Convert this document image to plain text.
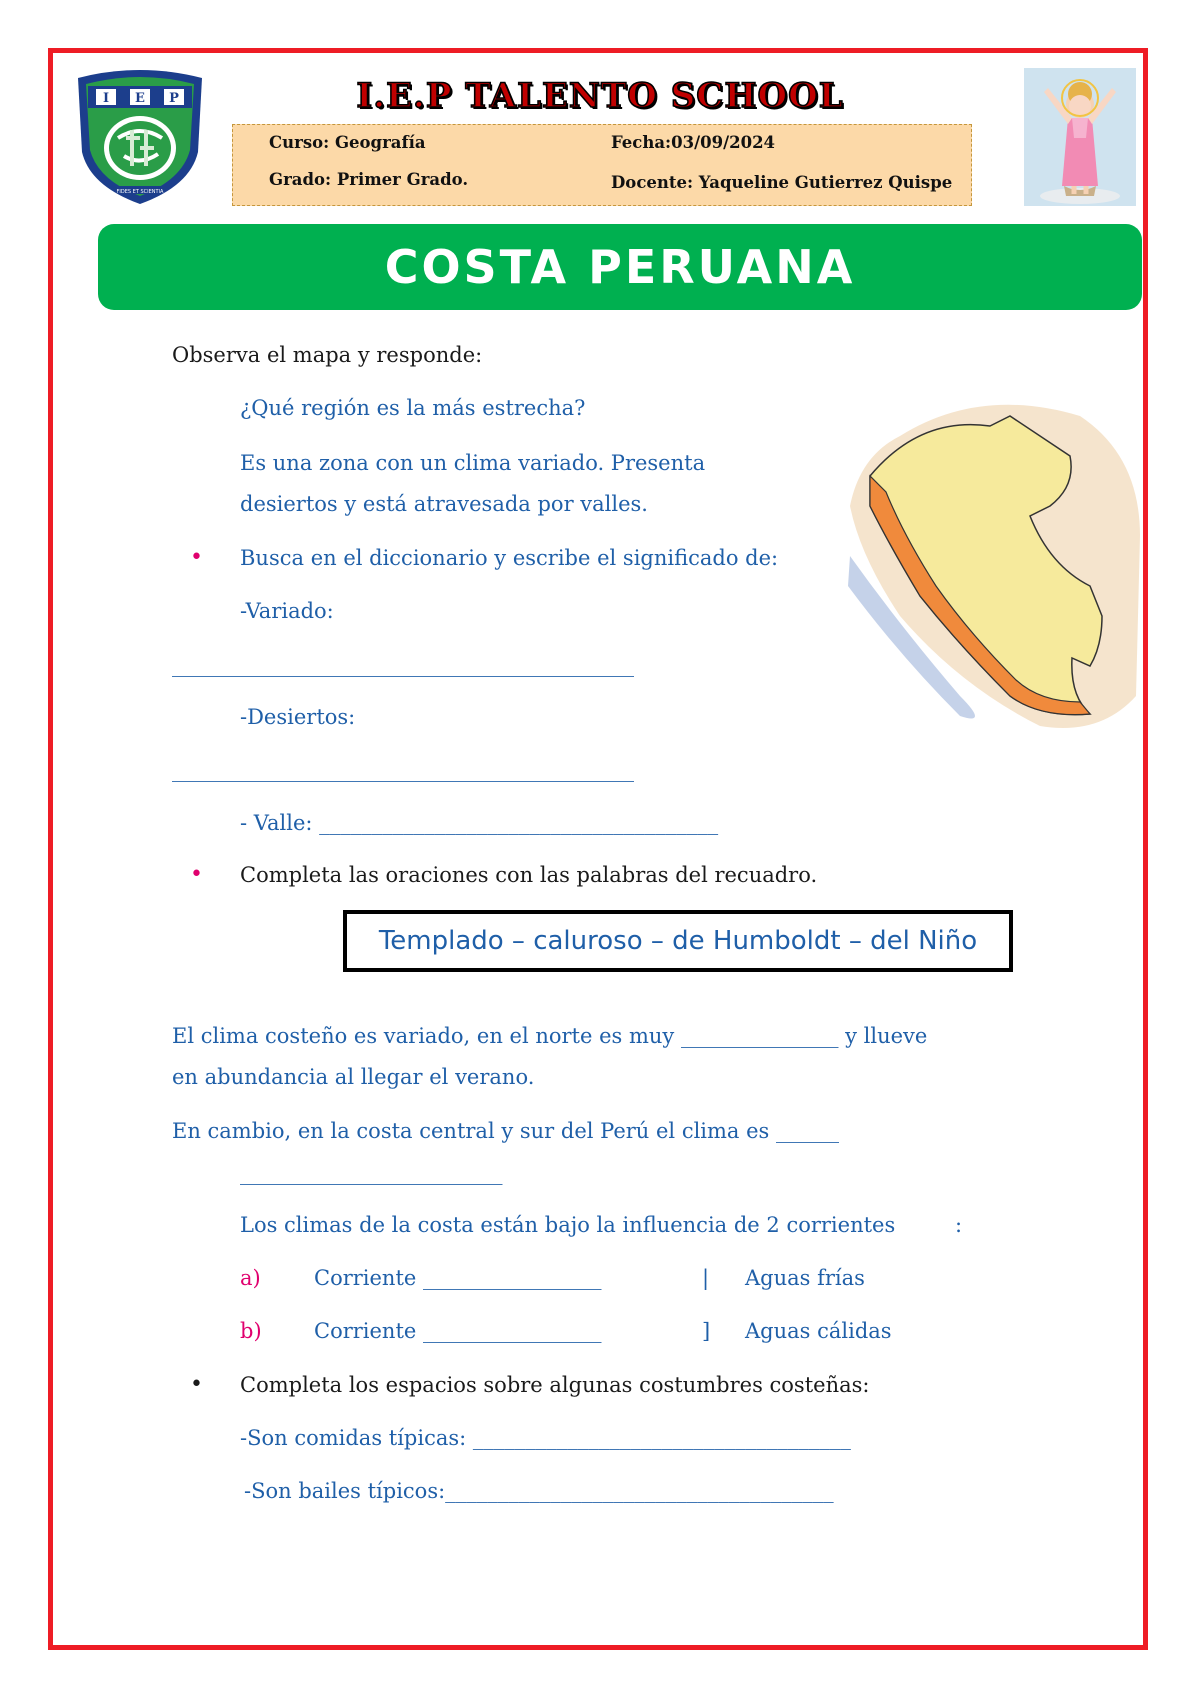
I E P
FIDES ET SCIENTIA
I.E.P TALENTO SCHOOL
Curso: Geografía	Fecha:03/09/2024
Grado: Primer Grado.	Docente: Yaqueline Gutierrez Quispe
COSTA PERUANA
Observa el mapa y responde:
¿Qué región es la más estrecha?
Es una zona con un clima variado. Presenta
desiertos y está atravesada por valles.
• Busca en el diccionario y escribe el significado de:
-Variado:
____________________________________________
-Desiertos:
____________________________________________
- Valle: ______________________________________
• Completa las oraciones con las palabras del recuadro.
Templado – caluroso – de Humboldt – del Niño
El clima costeño es variado, en el norte es muy _______________ y llueve
en abundancia al llegar el verano.
En cambio, en la costa central y sur del Perú el clima es ______
_________________________
Los climas de la costa están bajo la influencia de 2 corrientes	:
a)	Corriente _________________	| Aguas frías
b) Corriente _________________	] Aguas cálidas
• Completa los espacios sobre algunas costumbres costeñas:
-Son comidas típicas: ____________________________________
-Son bailes típicos:_____________________________________
